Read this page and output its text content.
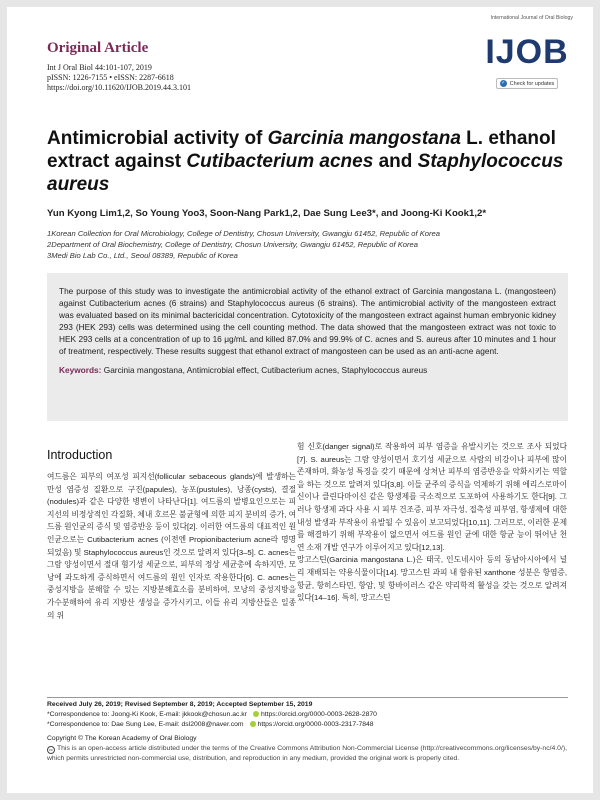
Original Article
Int J Oral Biol 44:101-107, 2019
pISSN: 1226-7155 • eISSN: 2287-6618
https://doi.org/10.11620/IJOB.2019.44.3.101
International Journal of Oral Biology
IJOB
✓ Check for updates
Antimicrobial activity of Garcinia mangostana L. ethanol extract against Cutibacterium acnes and Staphylococcus aureus
Yun Kyong Lim1,2, So Young Yoo3, Soon-Nang Park1,2, Dae Sung Lee3*, and Joong-Ki Kook1,2*
1Korean Collection for Oral Microbiology, College of Dentistry, Chosun University, Gwangju 61452, Republic of Korea
2Department of Oral Biochemistry, College of Dentistry, Chosun University, Gwangju 61452, Republic of Korea
3Medi Bio Lab Co., Ltd., Seoul 08389, Republic of Korea

The purpose of this study was to investigate the antimicrobial activity of the ethanol extract of Garcinia mangostana L. (mangosteen) against Cutibacterium acnes (6 strains) and Staphylococcus aureus (6 strains). The antimicrobial activity of the mangosteen extract was evaluated based on its minimal bactericidal concentration. Cytotoxicity of the mangosteen extract against human embryonic kidney 293 (HEK 293) cells was determined using the cell counting method. The data showed that the mangosteen extract was not toxic to HEK 293 cells at a concentration of up to 16 μg/mL and killed 87.0% and 99.9% of C. acnes and S. aureus after 10 minutes and 1 hour of treatment, respectively. These results suggest that ethanol extract of mangosteen can be used as an anti-acne agent.

Keywords: Garcinia mangostana, Antimicrobial effect, Cutibacterium acnes, Staphylococcus aureus
Introduction

여드름은 피부의 여포성 피지선(follicular sebaceous glands)에 발생하는 만성 염증성 질환으로 구진(papules), 농포(pustules), 낭종(cysts), 결절(nodules)과 같은 다양한 병변이 나타난다[1]. 여드름의 발병요인으로는 피지선의 비정상적인 각질화, 체내 호르몬 불균형에 의한 피지 분비의 증가, 여드름 원인균의 증식 및 염증반응 등이 있다[2]. 이러한 여드름의 대표적인 원인균으로는 Cutibacterium acnes (이전엔 Propionibacterium acne라 명명되었음) 및 Staphylococcus aureus인 것으로 알려져 있다[3–5]. C. acnes는 그람 양성이면서 절대 혐기성 세균으로, 피부의 정상 세균총에 속하지만, 모낭에 과도하게 증식하면서 여드름의 원인 인자로 작용한다[6]. C. acnes는 중성지방을 분해할 수 있는 지방분해효소를 분비하여, 모낭의 중성지방을 가수분해하여 유리 지방산 생성을 증가시키고, 이들 유리 지방산들은 일종의 위

험 신호(danger signal)로 작용하여 피부 염증을 유발시키는 것으로 조사 되었다[7]. S. aureus는 그람 양성이면서 호기성 세균으로 사람의 비강이나 피부에 많이 존재하며, 화농성 특징을 갖기 때문에 상처난 피부의 염증반응을 악화시키는 역할을 하는 것으로 알려져 있다[3,8]. 이들 균주의 증식을 억제하기 위해 에리스로마이신이나 클린다마이신 같은 항생제를 국소적으로 도포하여 사용하기도 한다[9]. 그러나 항생제 과다 사용 시 피부 건조증, 피부 자극성, 접촉성 피부염, 항생제에 대한 내성 발생과 부작용이 유발될 수 있음이 보고되었다[10,11]. 그러므로, 이러한 문제를 해결하기 위해 부작용이 없으면서 여드름 원인 균에 대한 항균 능이 뛰어난 천연 소재 개발 연구가 이루어지고 있다[12,13].
망고스틴(Garcinia mangostana L.)은 태국, 인도네시아 등의 동남아시아에서 널리 재배되는 약용식물이다[14]. 망고스틴 과피 내 함유된 xanthone 성분은 항염증, 항균, 항히스타민, 항암, 및 항바이러스 같은 약리학적 활성을 갖는 것으로 알려져 있다[14–16]. 특히, 망고스틴

Received July 26, 2019; Revised September 8, 2019; Accepted September 15, 2019
*Correspondence to: Joong-Ki Kook, E-mail: jkkook@chosun.ac.kr https://orcid.org/0000-0003-2628-2870
*Correspondence to: Dae Sung Lee, E-mail: dsl2008@naver.com https://orcid.org/0000-0003-2317-7848
Copyright © The Korean Academy of Oral Biology
cc This is an open-access article distributed under the terms of the Creative Commons Attribution Non-Commercial License (http://creativecommons.org/licenses/by-nc/4.0/), which permits unrestricted non-commercial use, distribution, and reproduction in any medium, provided the original work is properly cited.
